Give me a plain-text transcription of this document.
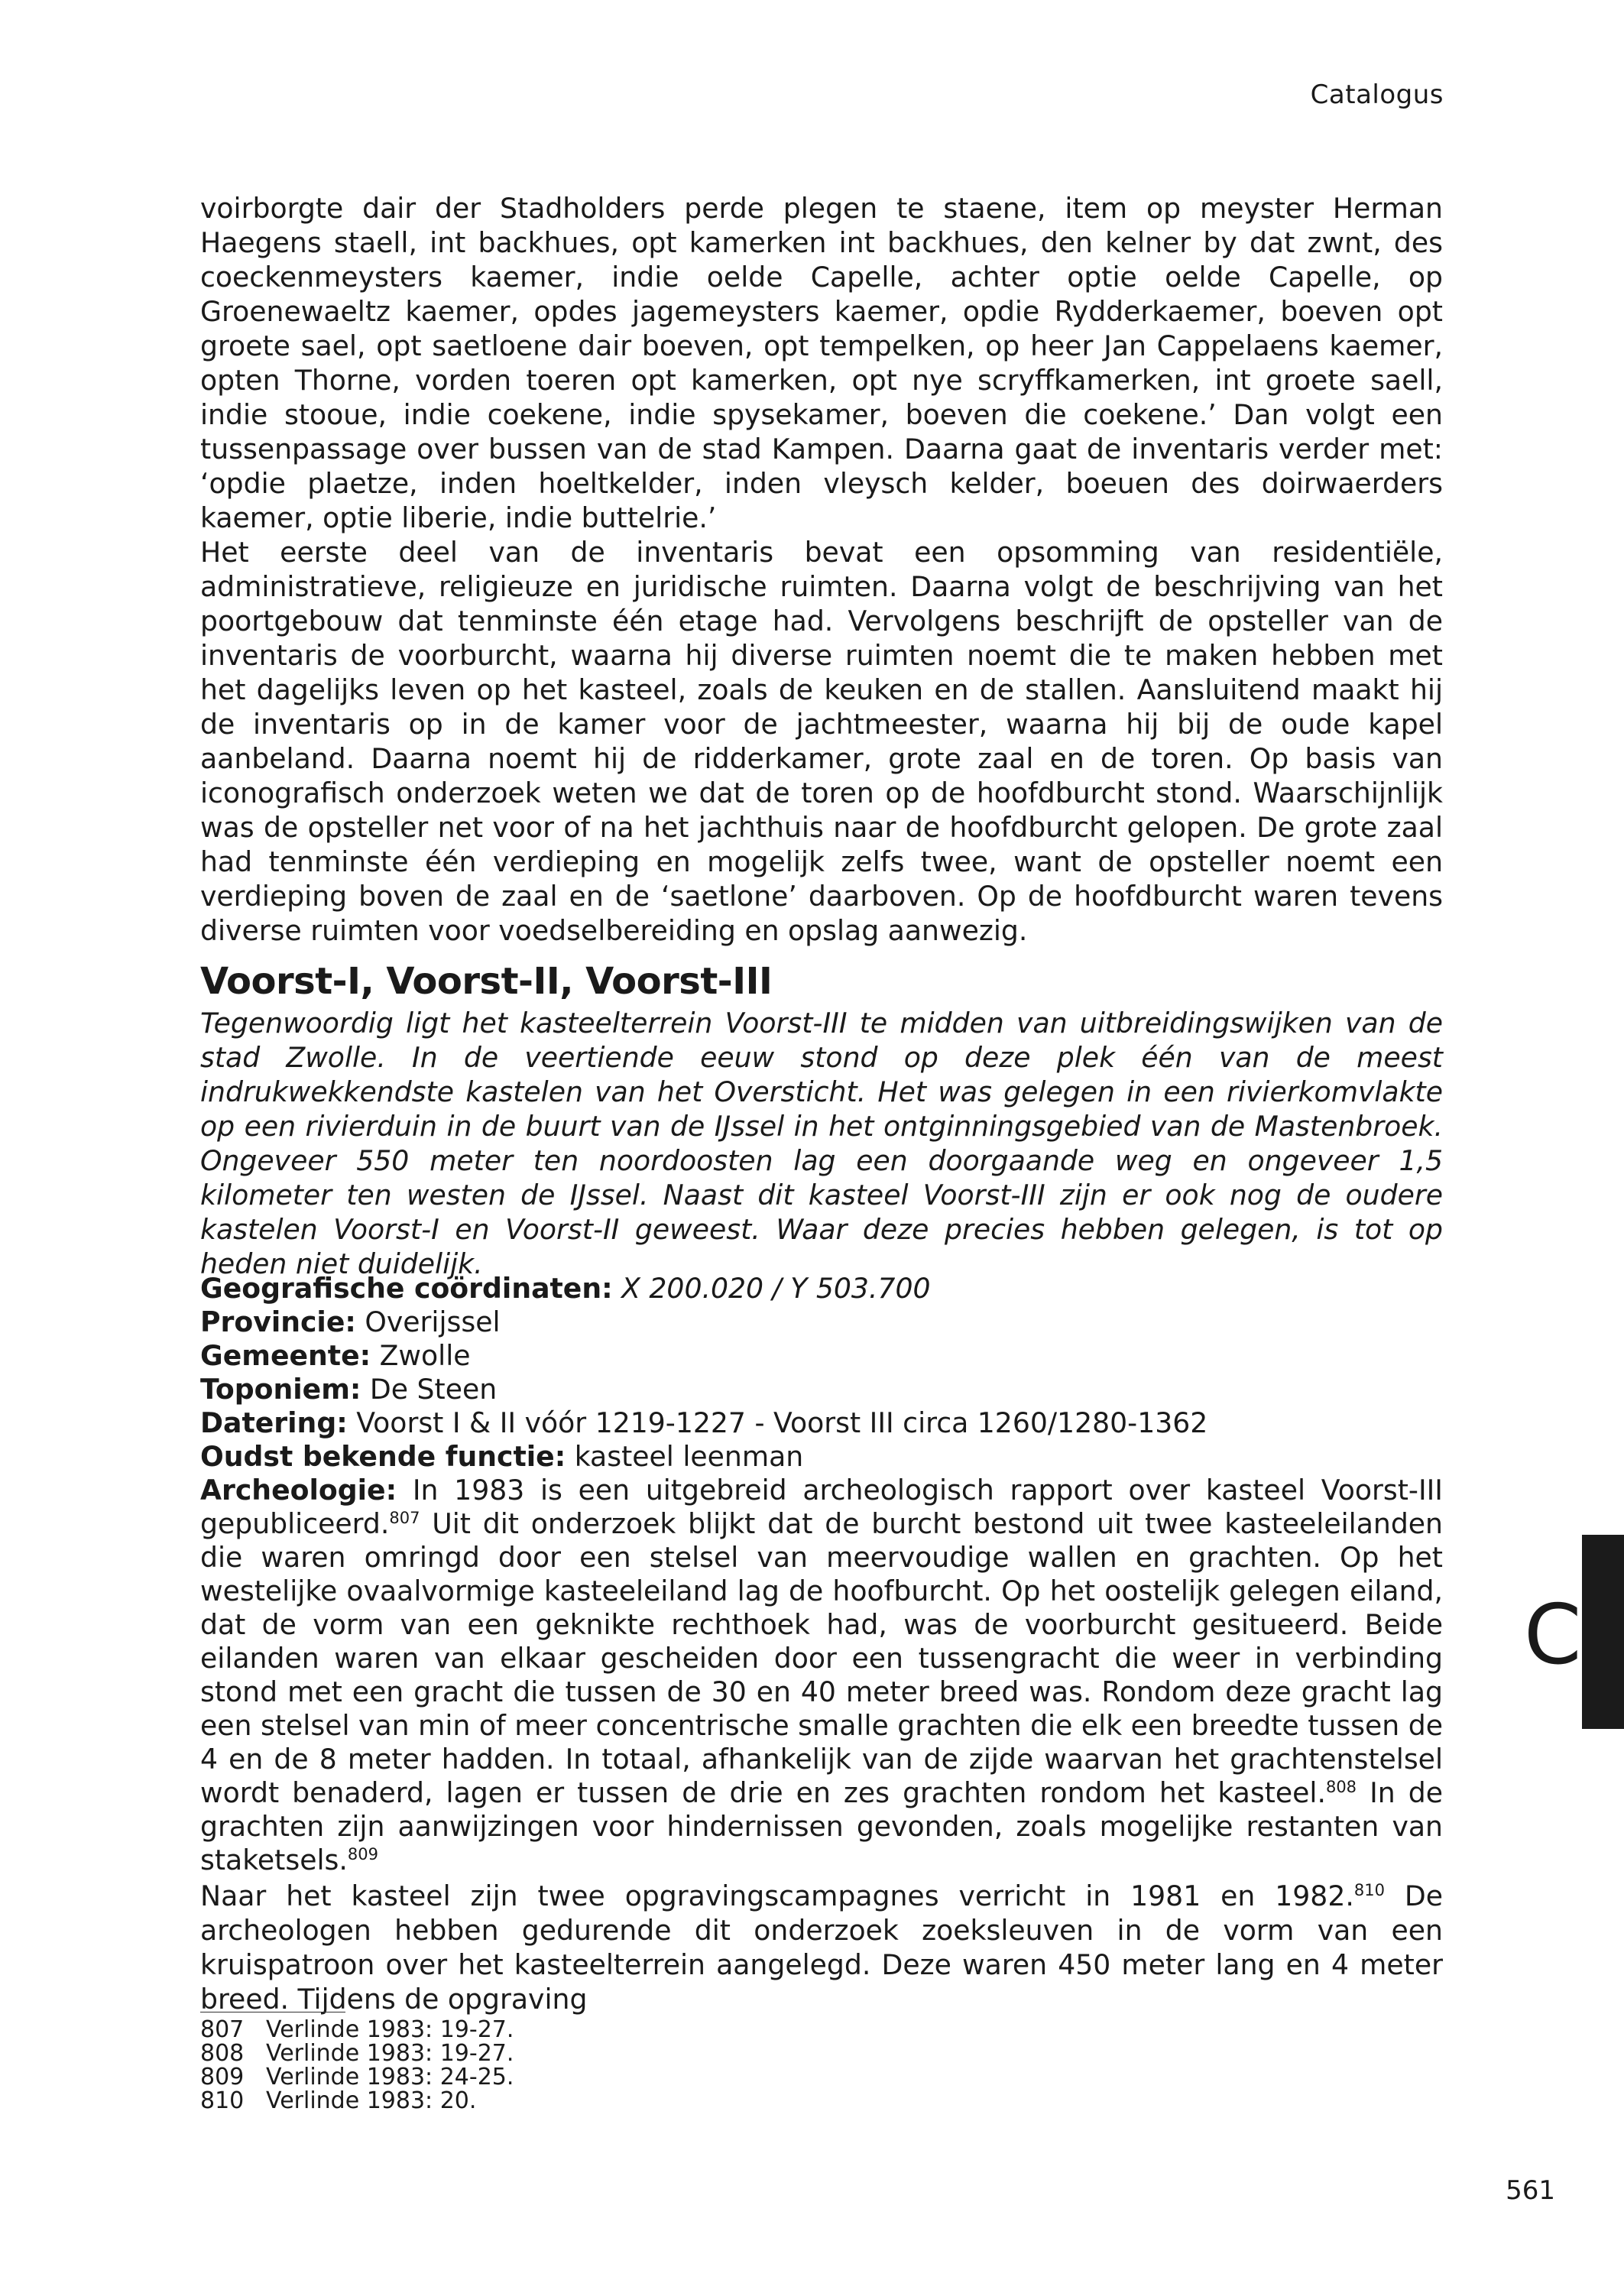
Catalogus

voirborgte dair der Stadholders perde plegen te staene, item op meyster Herman Haegens staell, int backhues, opt kamerken int backhues, den kelner by dat zwnt, des coeckenmeysters kaemer, indie oelde Capelle, achter optie oelde Capelle, op Groenewaeltz kaemer, opdes jagemeysters kaemer, opdie Rydderkaemer, boeven opt groete sael, opt saetloene dair boeven, opt tempelken, op heer Jan Cappelaens kaemer, opten Thorne, vorden toeren opt kamerken, opt nye scryffkamerken, int groete saell, indie stooue, indie coekene, indie spysekamer, boeven die coekene.’ Dan volgt een tussenpassage over bussen van de stad Kampen. Daarna gaat de inventaris verder met: ‘opdie plaetze, inden hoeltkelder, inden vleysch kelder, boeuen des doirwaerders kaemer, optie liberie, indie buttelrie.’

Het eerste deel van de inventaris bevat een opsomming van residentiële, administratieve, religieuze en juridische ruimten. Daarna volgt de beschrijving van het poortgebouw dat tenminste één etage had. Vervolgens beschrijft de opsteller van de inventaris de voorburcht, waarna hij diverse ruimten noemt die te maken hebben met het dagelijks leven op het kasteel, zoals de keuken en de stallen. Aansluitend maakt hij de inventaris op in de kamer voor de jachtmeester, waarna hij bij de oude kapel aanbeland. Daarna noemt hij de ridderkamer, grote zaal en de toren. Op basis van iconografisch onderzoek weten we dat de toren op de hoofdburcht stond. Waarschijnlijk was de opsteller net voor of na het jachthuis naar de hoofdburcht gelopen. De grote zaal had tenminste één verdieping en mogelijk zelfs twee, want de opsteller noemt een verdieping boven de zaal en de ‘saetlone’ daarboven. Op de hoofdburcht waren tevens diverse ruimten voor voedselbereiding en opslag aanwezig.

Voorst-I, Voorst-II, Voorst-III

Tegenwoordig ligt het kasteelterrein Voorst-III te midden van uitbreidingswijken van de stad Zwolle. In de veertiende eeuw stond op deze plek één van de meest indrukwekkendste kastelen van het Oversticht. Het was gelegen in een rivierkomvlakte op een rivierduin in de buurt van de IJssel in het ontginningsgebied van de Mastenbroek. Ongeveer 550 meter ten noordoosten lag een doorgaande weg en ongeveer 1,5 kilometer ten westen de IJssel. Naast dit kasteel Voorst-III zijn er ook nog de oudere kastelen Voorst-I en Voorst-II geweest. Waar deze precies hebben gelegen, is tot op heden niet duidelijk.

Geografische coördinaten: X 200.020 / Y 503.700

Provincie: Overijssel

Gemeente: Zwolle

Toponiem: De Steen

Datering: Voorst I & II vóór 1219-1227 - Voorst III circa 1260/1280-1362

Oudst bekende functie: kasteel leenman

Archeologie: In 1983 is een uitgebreid archeologisch rapport over kasteel Voorst-III gepubliceerd.$^{807}$ Uit dit onderzoek blijkt dat de burcht bestond uit twee kasteeleilanden die waren omringd door een stelsel van meervoudige wallen en grachten. Op het westelijke ovaalvormige kasteeleiland lag de hoofburcht. Op het oostelijk gelegen eiland, dat de vorm van een geknikte rechthoek had, was de voorburcht gesitueerd. Beide eilanden waren van elkaar gescheiden door een tussengracht die weer in verbinding stond met een gracht die tussen de 30 en 40 meter breed was. Rondom deze gracht lag een stelsel van min of meer concentrische smalle grachten die elk een breedte tussen de 4 en de 8 meter hadden. In totaal, afhankelijk van de zijde waarvan het grachtenstelsel wordt benaderd, lagen er tussen de drie en zes grachten rondom het kasteel.$^{808}$ In de grachten zijn aanwijzingen voor hindernissen gevonden, zoals mogelijke restanten van staketsels.$^{809}$

Naar het kasteel zijn twee opgravingscampagnes verricht in 1981 en 1982.$^{810}$ De archeologen hebben gedurende dit onderzoek zoeksleuven in de vorm van een kruispatroon over het kasteelterrein aangelegd. Deze waren 450 meter lang en 4 meter breed. Tijdens de opgraving

807 Verlinde 1983: 19-27.
808 Verlinde 1983: 19-27.
809 Verlinde 1983: 24-25.
810 Verlinde 1983: 20.
C
561
